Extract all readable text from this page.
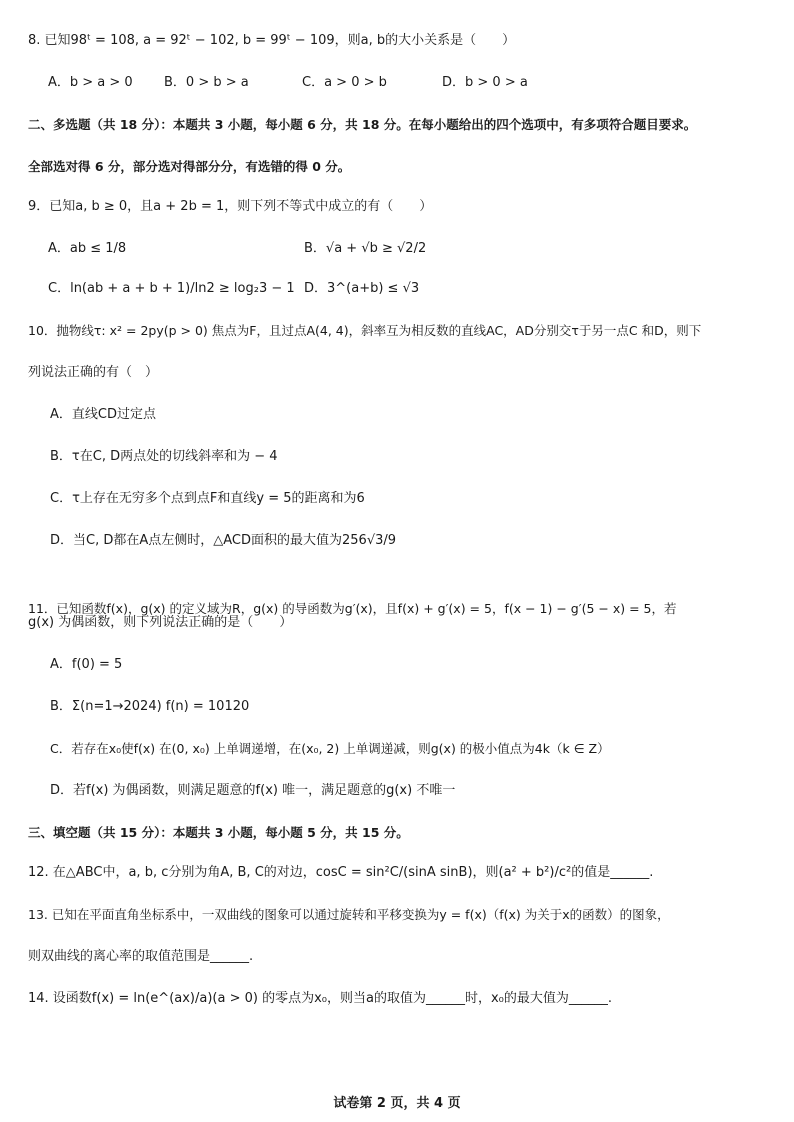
8. 已知98ᵗ = 108, a = 92ᵗ − 102, b = 99ᵗ − 109，则a, b的大小关系是（　　）
A．b > a > 0 B．0 > b > a	C．a > 0 > b	D．b > 0 > a
二、多选题（共 18 分）：本题共 3 小题，每小题 6 分，共 18 分。在每小题给出的四个选项中，有多项符合题目要求。
全部选对得 6 分，部分选对得部分分，有选错的得 0 分。
9．已知a, b ≥ 0，且a + 2b = 1，则下列不等式中成立的有（　　）
A．ab ≤ 1/8	B．√a + √b ≥ √2/2
C．ln(ab + a + b + 1)/ln2 ≥ log₂3 − 1 D．3^(a+b) ≤ √3
10．抛物线τ: x² = 2py(p > 0) 焦点为F，且过点A(4, 4)，斜率互为相反数的直线AC，AD分别交τ于另一点C 和D，则下
列说法正确的有（　）
A．直线CD过定点
B．τ在C, D两点处的切线斜率和为 − 4
C．τ上存在无穷多个点到点F和直线y = 5的距离和为6
D．当C, D都在A点左侧时，△ACD面积的最大值为256√3/9
11．已知函数f(x)，g(x) 的定义域为R，g(x) 的导函数为g′(x)，且f(x) + g′(x) = 5，f(x − 1) − g′(5 − x) = 5，若
g(x) 为偶函数，则下列说法正确的是（　　）
A．f(0) = 5
B．Σ(n=1→2024) f(n) = 10120
C．若存在x₀使f(x) 在(0, x₀) 上单调递增，在(x₀, 2) 上单调递减，则g(x) 的极小值点为4k（k ∈ Z）
D．若f(x) 为偶函数，则满足题意的f(x) 唯一，满足题意的g(x) 不唯一
三、填空题（共 15 分）：本题共 3 小题，每小题 5 分，共 15 分。
12. 在△ABC中，a, b, c分别为角A, B, C的对边，cosC = sin²C/(sinA sinB)，则(a² + b²)/c²的值是______.
13. 已知在平面直角坐标系中，一双曲线的图象可以通过旋转和平移变换为y = f(x)（f(x) 为关于x的函数）的图象，
则双曲线的离心率的取值范围是______.
14. 设函数f(x) = ln(e^(ax)/a)(a > 0) 的零点为x₀，则当a的取值为______时，x₀的最大值为______.
试卷第 2 页，共 4 页
